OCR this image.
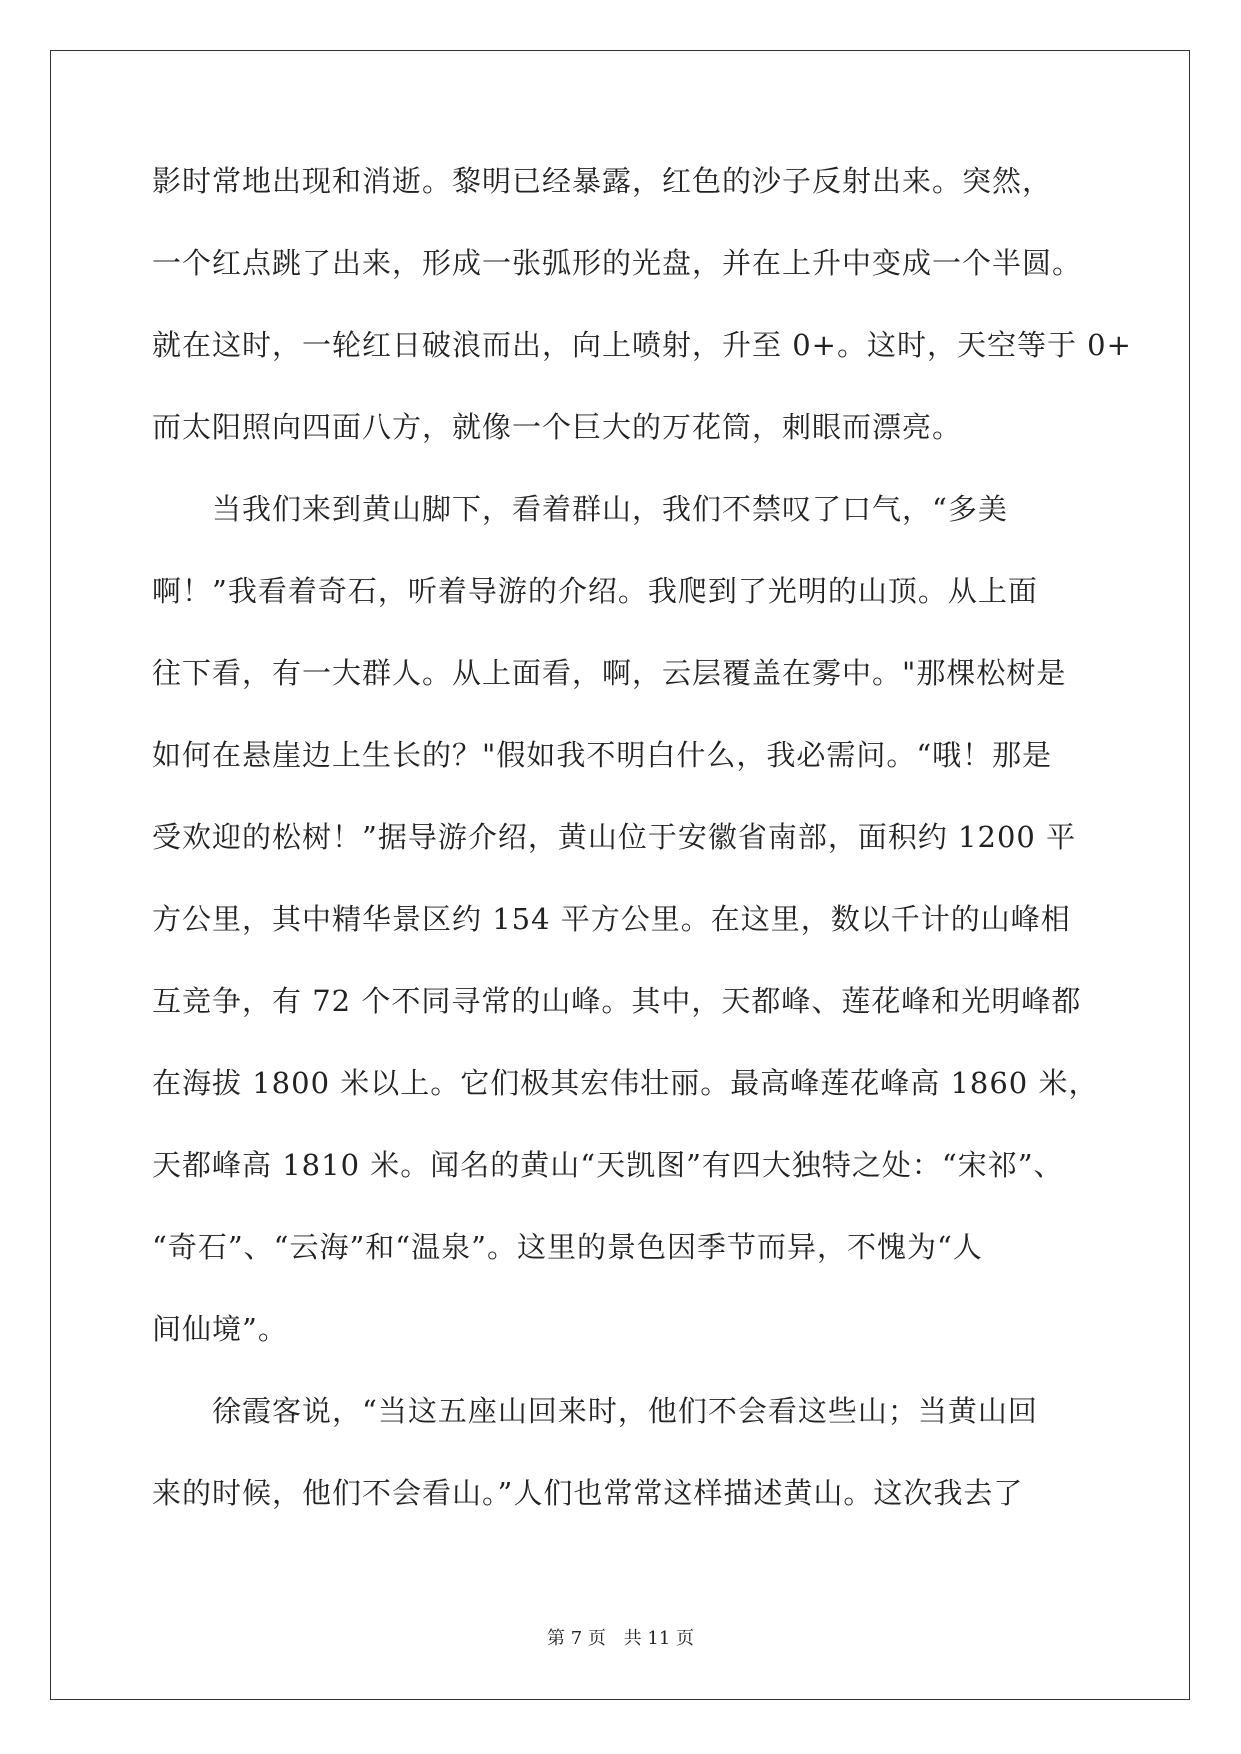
影时常地出现和消逝。黎明已经暴露，红色的沙子反射出来。突然，
一个红点跳了出来，形成一张弧形的光盘，并在上升中变成一个半圆。
就在这时，一轮红日破浪而出，向上喷射，升至 0+。这时，天空等于 0+
而太阳照向四面八方，就像一个巨大的万花筒，刺眼而漂亮。
　　当我们来到黄山脚下，看着群山，我们不禁叹了口气，“多美
啊！”我看着奇石，听着导游的介绍。我爬到了光明的山顶。从上面
往下看，有一大群人。从上面看，啊，云层覆盖在雾中。"那棵松树是
如何在悬崖边上生长的？"假如我不明白什么，我必需问。“哦！那是
受欢迎的松树！”据导游介绍，黄山位于安徽省南部，面积约 1200 平
方公里，其中精华景区约 154 平方公里。在这里，数以千计的山峰相
互竞争，有 72 个不同寻常的山峰。其中，天都峰、莲花峰和光明峰都
在海拔 1800 米以上。它们极其宏伟壮丽。最高峰莲花峰高 1860 米，
天都峰高 1810 米。闻名的黄山“天凯图”有四大独特之处：“宋祁”、
“奇石”、“云海”和“温泉”。这里的景色因季节而异，不愧为“人
间仙境”。
　　徐霞客说，“当这五座山回来时，他们不会看这些山；当黄山回
来的时候，他们不会看山。”人们也常常这样描述黄山。这次我去了
第 7 页 共 11 页
